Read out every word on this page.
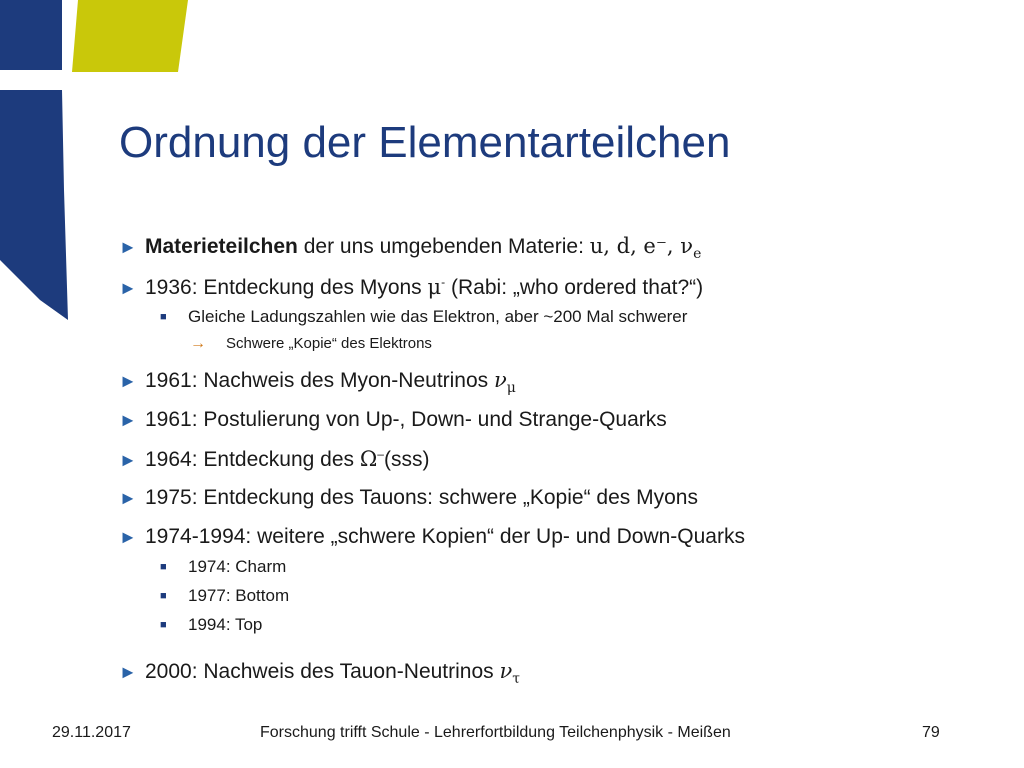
Ordnung der Elementarteilchen
► Materieteilchen der uns umgebenden Materie: u, d, e⁻, $\nu_e$
► 1936: Entdeckung des Myons μ- (Rabi: „who ordered that?“)
■ Gleiche Ladungszahlen wie das Elektron, aber ~200 Mal schwerer
→ Schwere „Kopie“ des Elektrons
► 1961: Nachweis des Myon-Neutrinos $\nu_\mu$
► 1961: Postulierung von Up-, Down- und Strange-Quarks
► 1964: Entdeckung des Ω–(sss)
► 1975: Entdeckung des Tauons: schwere „Kopie“ des Myons
► 1974-1994: weitere „schwere Kopien“ der Up- und Down-Quarks
■ 1974: Charm
■ 1977: Bottom
■ 1994: Top
► 2000: Nachweis des Tauon-Neutrinos $\nu_\tau$
29.11.2017	Forschung trifft Schule - Lehrerfortbildung Teilchenphysik - Meißen	79
